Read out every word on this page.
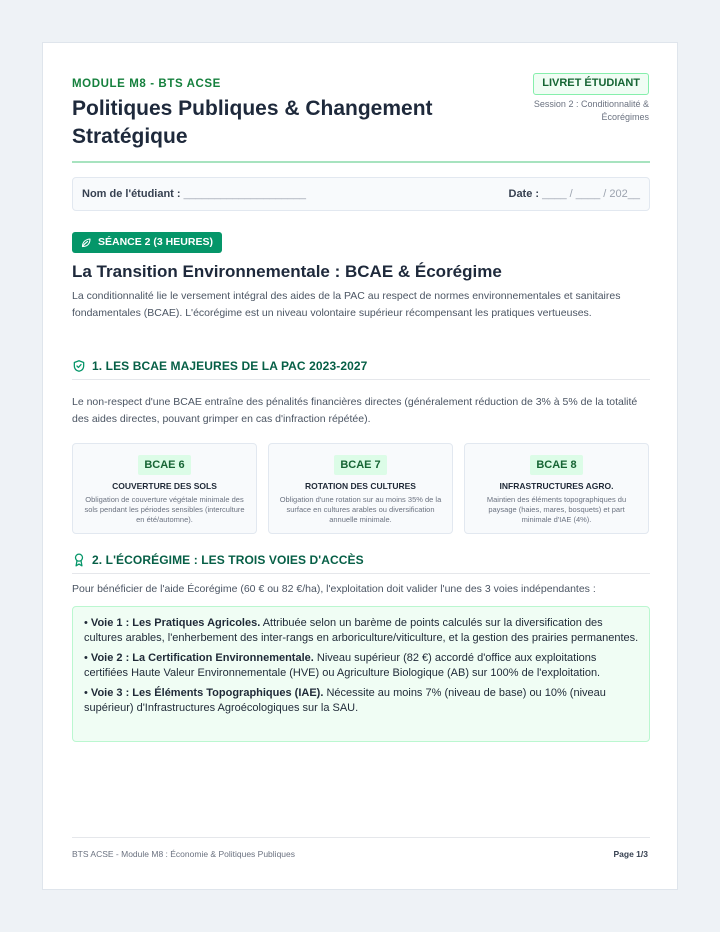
MODULE M8 - BTS ACSE
Politiques Publiques & Changement Stratégique
LIVRET ÉTUDIANT
Session 2 : Conditionnalité & Écorégimes
Nom de l'étudiant : ____________________	Date : ____ / ____ / 202__
SÉANCE 2 (3 HEURES)
La Transition Environnementale : BCAE & Écorégime
La conditionnalité lie le versement intégral des aides de la PAC au respect de normes environnementales et sanitaires fondamentales (BCAE). L'écorégime est un niveau volontaire supérieur récompensant les pratiques vertueuses.
1. LES BCAE MAJEURES DE LA PAC 2023-2027
Le non-respect d'une BCAE entraîne des pénalités financières directes (généralement réduction de 3% à 5% de la totalité des aides directes, pouvant grimper en cas d'infraction répétée).
BCAE 6
COUVERTURE DES SOLS
Obligation de couverture végétale minimale des sols pendant les périodes sensibles (interculture en été/automne).
BCAE 7
ROTATION DES CULTURES
Obligation d'une rotation sur au moins 35% de la surface en cultures arables ou diversification annuelle minimale.
BCAE 8
INFRASTRUCTURES AGRO.
Maintien des éléments topographiques du paysage (haies, mares, bosquets) et part minimale d'IAE (4%).
2. L'ÉCORÉGIME : LES TROIS VOIES D'ACCÈS
Pour bénéficier de l'aide Écorégime (60 € ou 82 €/ha), l'exploitation doit valider l'une des 3 voies indépendantes :
• Voie 1 : Les Pratiques Agricoles. Attribuée selon un barème de points calculés sur la diversification des cultures arables, l'enherbement des inter-rangs en arboriculture/viticulture, et la gestion des prairies permanentes.
• Voie 2 : La Certification Environnementale. Niveau supérieur (82 €) accordé d'office aux exploitations certifiées Haute Valeur Environnementale (HVE) ou Agriculture Biologique (AB) sur 100% de l'exploitation.
• Voie 3 : Les Éléments Topographiques (IAE). Nécessite au moins 7% (niveau de base) ou 10% (niveau supérieur) d'Infrastructures Agroécologiques sur la SAU.
BTS ACSE - Module M8 : Économie & Politiques Publiques	Page 1/3
